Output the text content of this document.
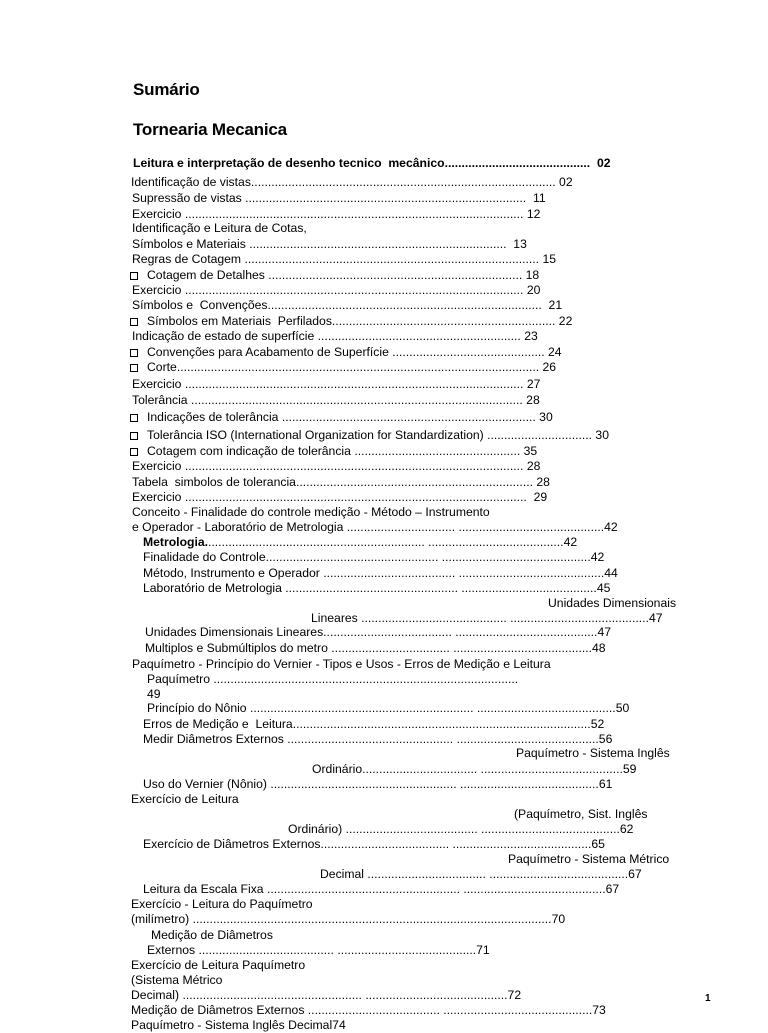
Sumário
Tornearia Mecanica
Leitura e interpretação de desenho tecnico  mecânico...........................................  02
Identificação de vistas.......................................................................................... 02
Supressão de vistas ...................................................................................  11
Exercicio .................................................................................................... 12
Identificação e Leitura de Cotas,
Símbolos e Materiais ............................................................................  13
Regras de Cotagem ....................................................................................... 15
Cotagem de Detalhes ........................................................................... 18
Exercicio .................................................................................................... 20
Símbolos e  Convenções.................................................................................  21
Símbolos em Materiais  Perfilados.................................................................. 22
Indicação de estado de superfície ............................................................ 23
Convenções para Acabamento de Superfície ............................................. 24
Corte........................................................................................................... 26
Exercicio .................................................................................................... 27
Tolerância .................................................................................................. 28
Indicações de tolerância ........................................................................... 30
Tolerância ISO (International Organization for Standardization) ............................... 30
Cotagem com indicação de tolerância ................................................. 35
Exercicio .................................................................................................... 28
Tabela  simbolos de tolerancia...................................................................... 28
Exercicio .....................................................................................................  29
Conceito - Finalidade do controle medição - Método – Instrumento
e Operador - Laboratório de Metrologia ................................ ...........................................42
Metrologia................................................................. ........................................42
Finalidade do Controle................................................... ............................................42
Método, Instrumento e Operador ....................................... ...........................................44
Laboratório de Metrologia ................................................... ........................................45
Unidades Dimensionais
Lineares ........................................... .........................................47
Unidades Dimensionais Lineares...................................... ..........................................47
Multiplos e Submúltiplos do metro ................................... .........................................48
Paquímetro - Princípio do Vernier - Tipos e Usos - Erros de Medição e Leitura
Paquímetro ..........................................................................................
49
Princípio do Nônio .................................................................. .........................................50
Erros de Medição e  Leitura........................................................................................52
Medir Diâmetros Externos ................................................. ..........................................56
Paquímetro - Sistema Inglês
Ordinário.................................. ..........................................59
Uso do Vernier (Nônio) ....................................................... .........................................61
Exercício de Leitura
(Paquímetro, Sist. Inglês
Ordinário) ....................................... .........................................62
Exercício de Diâmetros Externos...................................... .........................................65
Paquímetro - Sistema Métrico
Decimal ................................... .........................................67
Leitura da Escala Fixa ......................................................... ..........................................67
Exercício - Leitura do Paquímetro
(milímetro) ..........................................................................................................70
Medição de Diâmetros
Externos ........................................ .........................................71
Exercício de Leitura Paquímetro
(Sistema Métrico
Decimal) ..................................................... ..........................................72
Medição de Diâmetros Externos ....................................... ............................................73
Paquímetro - Sistema Inglês Decimal74
1
